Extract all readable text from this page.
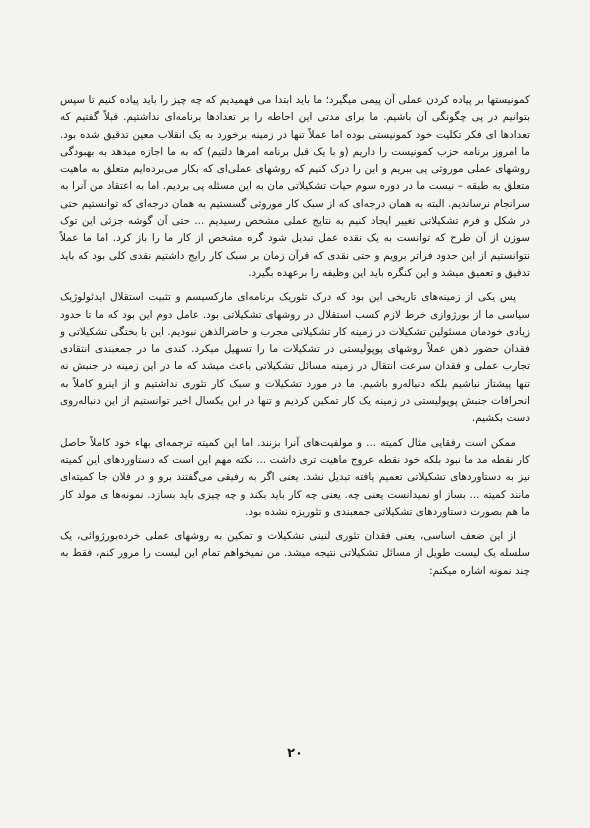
کمونیستها بر پیاده کردن عملی آن پیمی میگیرد؛ ما باید ابتدا می فهمیدیم که چه چیز را باید پیاده کنیم تا سپس بتوانیم در پی چگونگی آن باشیم. ما برای مدتی این احاطه را بر تعدادها برنامه‌ای نداشتیم. قبلاً گفتیم که تعدادها ای فکر تکلیت خود کمونیستی بوده اما عملاً تنها در زمینه برخورد به یک انقلاب معین تدقیق شده بود. ما امروز برنامه حزب کمونیست را داریم (و با یک قبل برنامه امرها دلتیم) که به ما اجازه میدهد به بهبودگی روشهای عملی موروثی پی ببریم و این را درک کنیم که روشهای عملی‌ای که بکار می‌برده‌ایم متعلق به ماهیت متعلق به طبقه – نیست ما در دوره سوم حیات تشکیلاتی مان به این مسئله پی بردیم. اما به اعتقاد من آنرا به سرانجام نرساندیم. البته به همان درجه‌ای که از سبک کار موروثی گسستیم به همان درجه‌ای که توانستیم حتی در شکل و فرم تشکیلاتی تغییر ایجاد کنیم به نتایج عملی مشخص رسیدیم ... حتی آن گوشه جزئی این توک سوزن از آن طرح که توانست به یک نقده عمل تبدیل شود گره مشخص از کار ما را باز کرد. اما ما عملاً نتوانستیم از این حدود فراتر برویم و حتی نقدی که قرآن زمان بر سبک کار رایج داشتیم نقدی کلی بود که باید تدقیق و تعمیق میشد و این کنگره باید این وظیفه را برعهده بگیرد.

پس یکی از زمینه‌های تاریخی این بود که درک تئوریک برنامه‌ای مارکسیسم و تثبیت استقلال ایدئولوژیک سیاسی ما از بورژوازی خرط لازم کسب استقلال در روشهای تشکیلاتی بود. عامل دوم این بود که ما تا حدود زیادی خودمان مسئولین تشکیلات در زمینه کار تشکیلاتی مجرب و حاضرالذهن نبودیم. این با بختگی تشکیلاتی و فقدان حضور ذهن عملاً روشهای پوپولیستی در تشکیلات ما را تسهیل میکرد. کندی ما در جمعبندی انتقادی تجارب عملی و فقدان سرعت انتقال در زمینه مسائل تشکیلاتی باعث میشد که ما در این زمینه در جنبش نه تنها پیشتاز نباشیم بلکه دنباله‌رو باشیم. ما در مورد تشکیلات و سبک کار تئوری نداشتیم و از اینرو کاملاً به انحرافات جنبش پوپولیستی در زمینه یک کار تمکین کردیم و تنها در این یکسال اخیر توانستیم از این دنباله‌روی دست بکشیم.

ممکن است رفقایی مثال کمیته ... و مولفیت‌های آنرا بزنند. اما این کمیته ترجمه‌ای بهاء خود کاملاً حاصل کار نقطه مد ما نبود بلکه خود نقطه عروج ماهیت تری داشت ... نکته مهم این است که دستاوردهای این کمیته نیز به دستاوردهای تشکیلاتی تعمیم یافته تبدیل نشد. یعنی اگر به رفیقی می‌گفتند برو و در فلان جا کمیته‌ای مانند کمیته ... بساز او نمیدانست یعنی چه. یعنی چه کار باید بکند و چه چیزی باید بسازد. نمونه‌ها ی مولد کار ما هم بصورت دستاوردهای تشکیلاتی جمعبندی و تئوریزه نشده بود.

از این ضعف اساسی، یعنی فقدان تئوری لنینی تشکیلات و تمکین به روشهای عملی خرده‌بورژوائی، یک سلسله یک لیست طویل از مسائل تشکیلاتی نتیجه میشد. من نمیخواهم تمام این لیست را مرور کنم، فقط به چند نمونه اشاره میکنم:

۲۰
